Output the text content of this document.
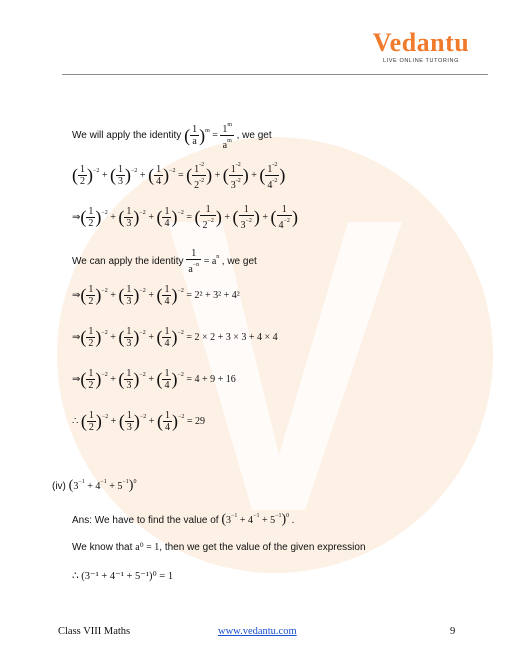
Vedantu
LIVE ONLINE TUTORING
We will apply the identity ( $\frac{1}{a} )^m = \frac{1^m}{a^m}$ , we get
( $\frac{1}{2} )^{-2}$ + ( $\frac{1}{3} )^{-2}$ + ( $\frac{1}{4} )^{-2}$ = ( $\frac{1^{-2}}{2^{-2}}$ ) + ( $\frac{1^{-2}}{3^{-2}}$ ) + ( $\frac{1^{-2}}{4^{-2}}$ )
⇒( $\frac{1}{2} )^{-2}$ + ( $\frac{1}{3} )^{-2}$ + ( $\frac{1}{4} )^{-2}$ = ( $\frac{1}{2^{-2}}$ ) + ( $\frac{1}{3^{-2}}$ ) + ( $\frac{1}{4^{-2}}$ )
We can apply the identity $\frac{1}{a^{-n}} = a^n$ , we get
⇒( $\frac{1}{2} )^{-2}$ + ( $\frac{1}{3} )^{-2}$ + ( $\frac{1}{4} )^{-2} = 2^2 + 3^2 + 4^2$
⇒( $\frac{1}{2} )^{-2}$ + ( $\frac{1}{3} )^{-2}$ + ( $\frac{1}{4} )^{-2} = 2 \times 2 + 3 \times 3 + 4 \times 4$
⇒( $\frac{1}{2} )^{-2}$ + ( $\frac{1}{3} )^{-2}$ + ( $\frac{1}{4} )^{-2} = 4 + 9 + 16$
∴ ( $\frac{1}{2} )^{-2}$ + ( $\frac{1}{3} )^{-2}$ + ( $\frac{1}{4} )^{-2} = 29$
(iv) $(3^{-1} + 4^{-1} + 5^{-1})^0$
Ans: We have to find the value of $(3^{-1} + 4^{-1} + 5^{-1})^0$ .
We know that a⁰ = 1, then we get the value of the given expression
∴ (3⁻¹ + 4⁻¹ + 5⁻¹)⁰ = 1
Class VIII Maths	www.vedantu.com	9
